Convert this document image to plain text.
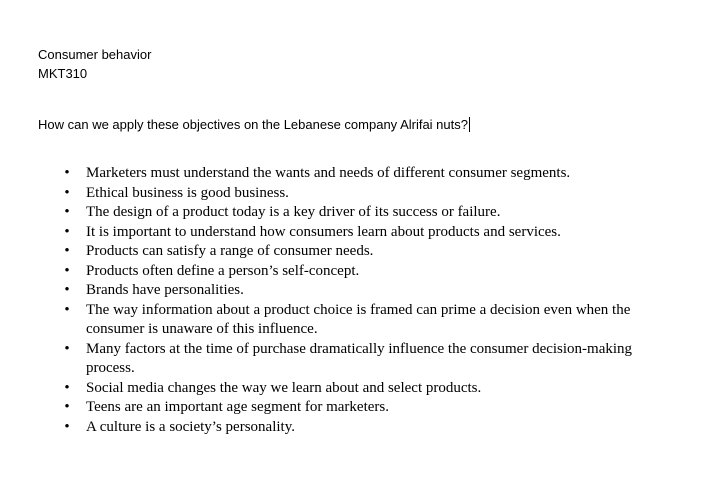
Consumer behavior
MKT310
How can we apply these objectives on the Lebanese company Alrifai nuts?
• Marketers must understand the wants and needs of different consumer segments.
• Ethical business is good business.
• The design of a product today is a key driver of its success or failure.
• It is important to understand how consumers learn about products and services.
• Products can satisfy a range of consumer needs.
• Products often define a person’s self-concept.
• Brands have personalities.
• The way information about a product choice is framed can prime a decision even when the consumer is unaware of this influence.
• Many factors at the time of purchase dramatically influence the consumer decision-making process.
• Social media changes the way we learn about and select products.
• Teens are an important age segment for marketers.
• A culture is a society’s personality.
